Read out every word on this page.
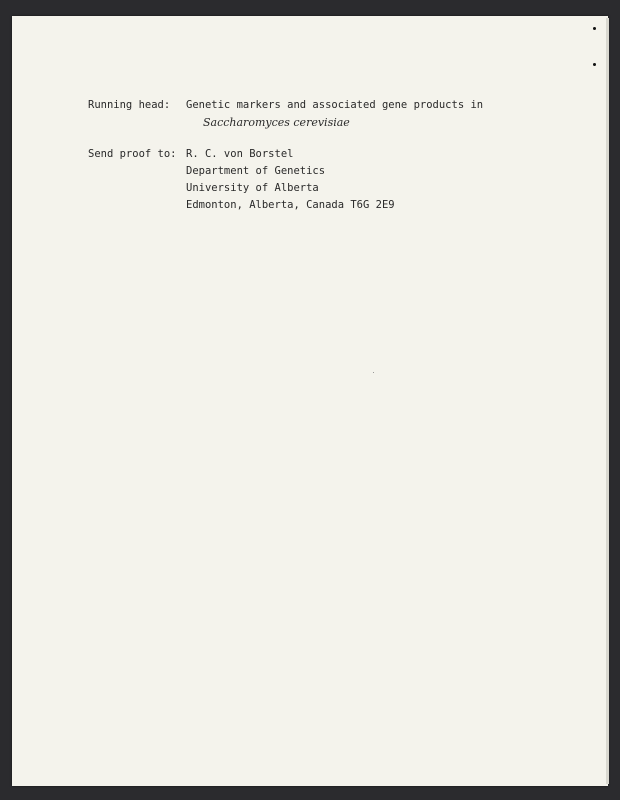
Running head: Genetic markers and associated gene products in
Saccharomyces cerevisiae
Send proof to: R. C. von Borstel
Department of Genetics
University of Alberta
Edmonton, Alberta, Canada T6G 2E9
